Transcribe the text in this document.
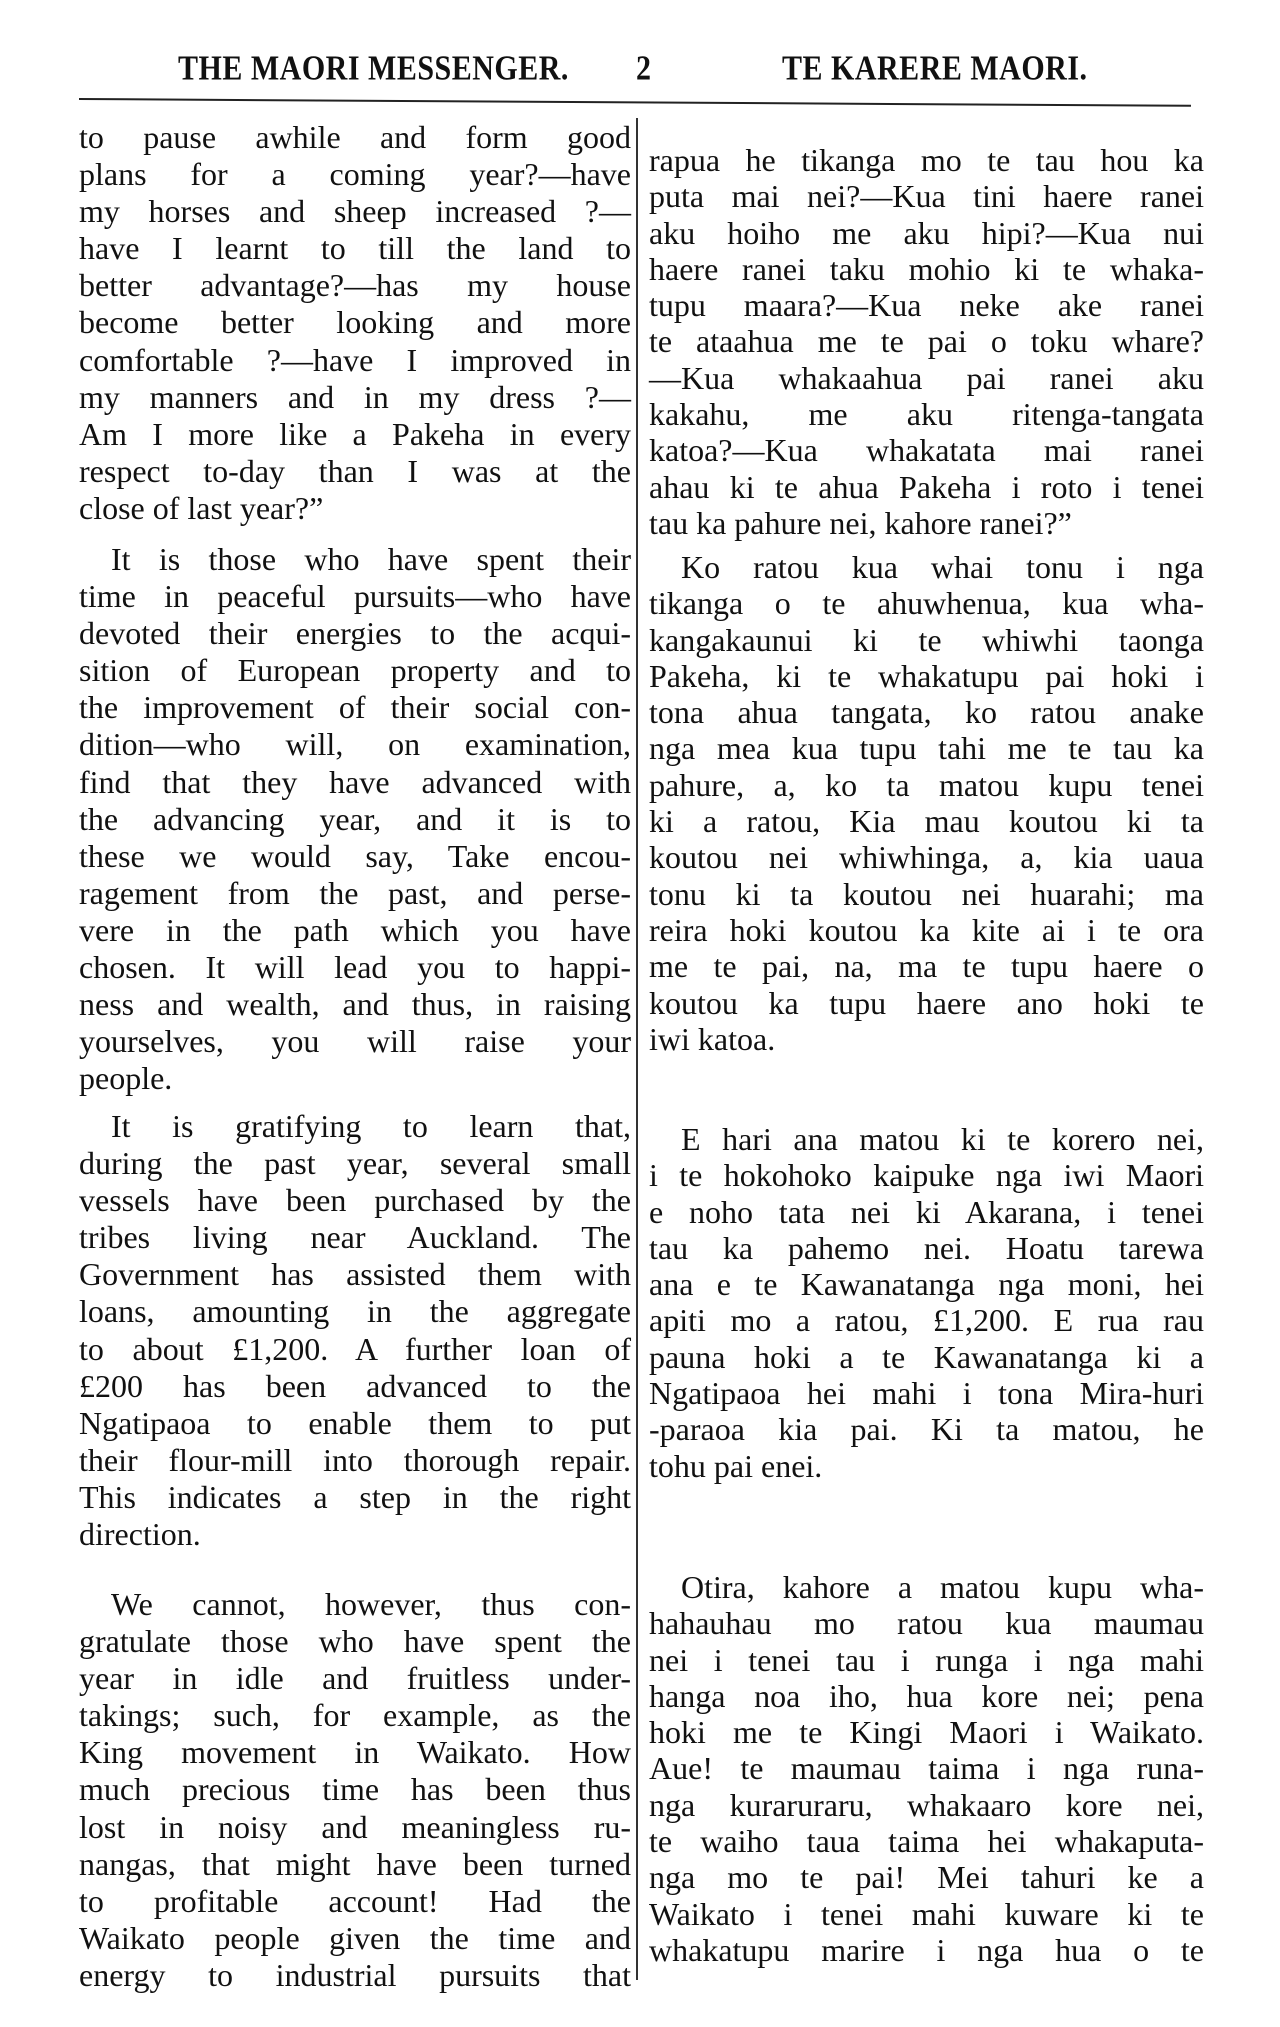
THE MAORI MESSENGER. 2	TE KARERE MAORI.
to pause awhile and form good
plans for a coming year?—have
my horses and sheep increased ?—
have I learnt to till the land to
better advantage?—has my house
become better looking and more
comfortable ?—have I improved in
my manners and in my dress ?—
Am I more like a Pakeha in every
respect to-day than I was at the
close of last year?”
It is those who have spent their
time in peaceful pursuits—who have
devoted their energies to the acqui-
sition of European property and to
the improvement of their social con-
dition—who will, on examination,
find that they have advanced with
the advancing year, and it is to
these we would say, Take encou-
ragement from the past, and perse-
vere in the path which you have
chosen. It will lead you to happi-
ness and wealth, and thus, in raising
yourselves, you will raise your
people.
It is gratifying to learn that,
during the past year, several small
vessels have been purchased by the
tribes living near Auckland. The
Government has assisted them with
loans, amounting in the aggregate
to about £1,200. A further loan of
£200 has been advanced to the
Ngatipaoa to enable them to put
their flour-mill into thorough repair.
This indicates a step in the right
direction.
We cannot, however, thus con-
gratulate those who have spent the
year in idle and fruitless under-
takings; such, for example, as the
King movement in Waikato. How
much precious time has been thus
lost in noisy and meaningless ru-
nangas, that might have been turned
to profitable account! Had the
Waikato people given the time and
energy to industrial pursuits that
rapua he tikanga mo te tau hou ka
puta mai nei?—Kua tini haere ranei
aku hoiho me aku hipi?—Kua nui
haere ranei taku mohio ki te whaka-
tupu maara?—Kua neke ake ranei
te ataahua me te pai o toku whare?
—Kua whakaahua pai ranei aku
kakahu, me aku ritenga-tangata
katoa?—Kua whakatata mai ranei
ahau ki te ahua Pakeha i roto i tenei
tau ka pahure nei, kahore ranei?”
Ko ratou kua whai tonu i nga
tikanga o te ahuwhenua, kua wha-
kangakaunui ki te whiwhi taonga
Pakeha, ki te whakatupu pai hoki i
tona ahua tangata, ko ratou anake
nga mea kua tupu tahi me te tau ka
pahure, a, ko ta matou kupu tenei
ki a ratou, Kia mau koutou ki ta
koutou nei whiwhinga, a, kia uaua
tonu ki ta koutou nei huarahi; ma
reira hoki koutou ka kite ai i te ora
me te pai, na, ma te tupu haere o
koutou ka tupu haere ano hoki te
iwi katoa.
E hari ana matou ki te korero nei,
i te hokohoko kaipuke nga iwi Maori
e noho tata nei ki Akarana, i tenei
tau ka pahemo nei. Hoatu tarewa
ana e te Kawanatanga nga moni, hei
apiti mo a ratou, £1,200. E rua rau
pauna hoki a te Kawanatanga ki a
Ngatipaoa hei mahi i tona Mira-huri
-paraoa kia pai. Ki ta matou, he
tohu pai enei.
Otira, kahore a matou kupu wha-
hahauhau mo ratou kua maumau
nei i tenei tau i runga i nga mahi
hanga noa iho, hua kore nei; pena
hoki me te Kingi Maori i Waikato.
Aue! te maumau taima i nga runa-
nga kuraruraru, whakaaro kore nei,
te waiho taua taima hei whakaputa-
nga mo te pai! Mei tahuri ke a
Waikato i tenei mahi kuware ki te
whakatupu marire i nga hua o te
